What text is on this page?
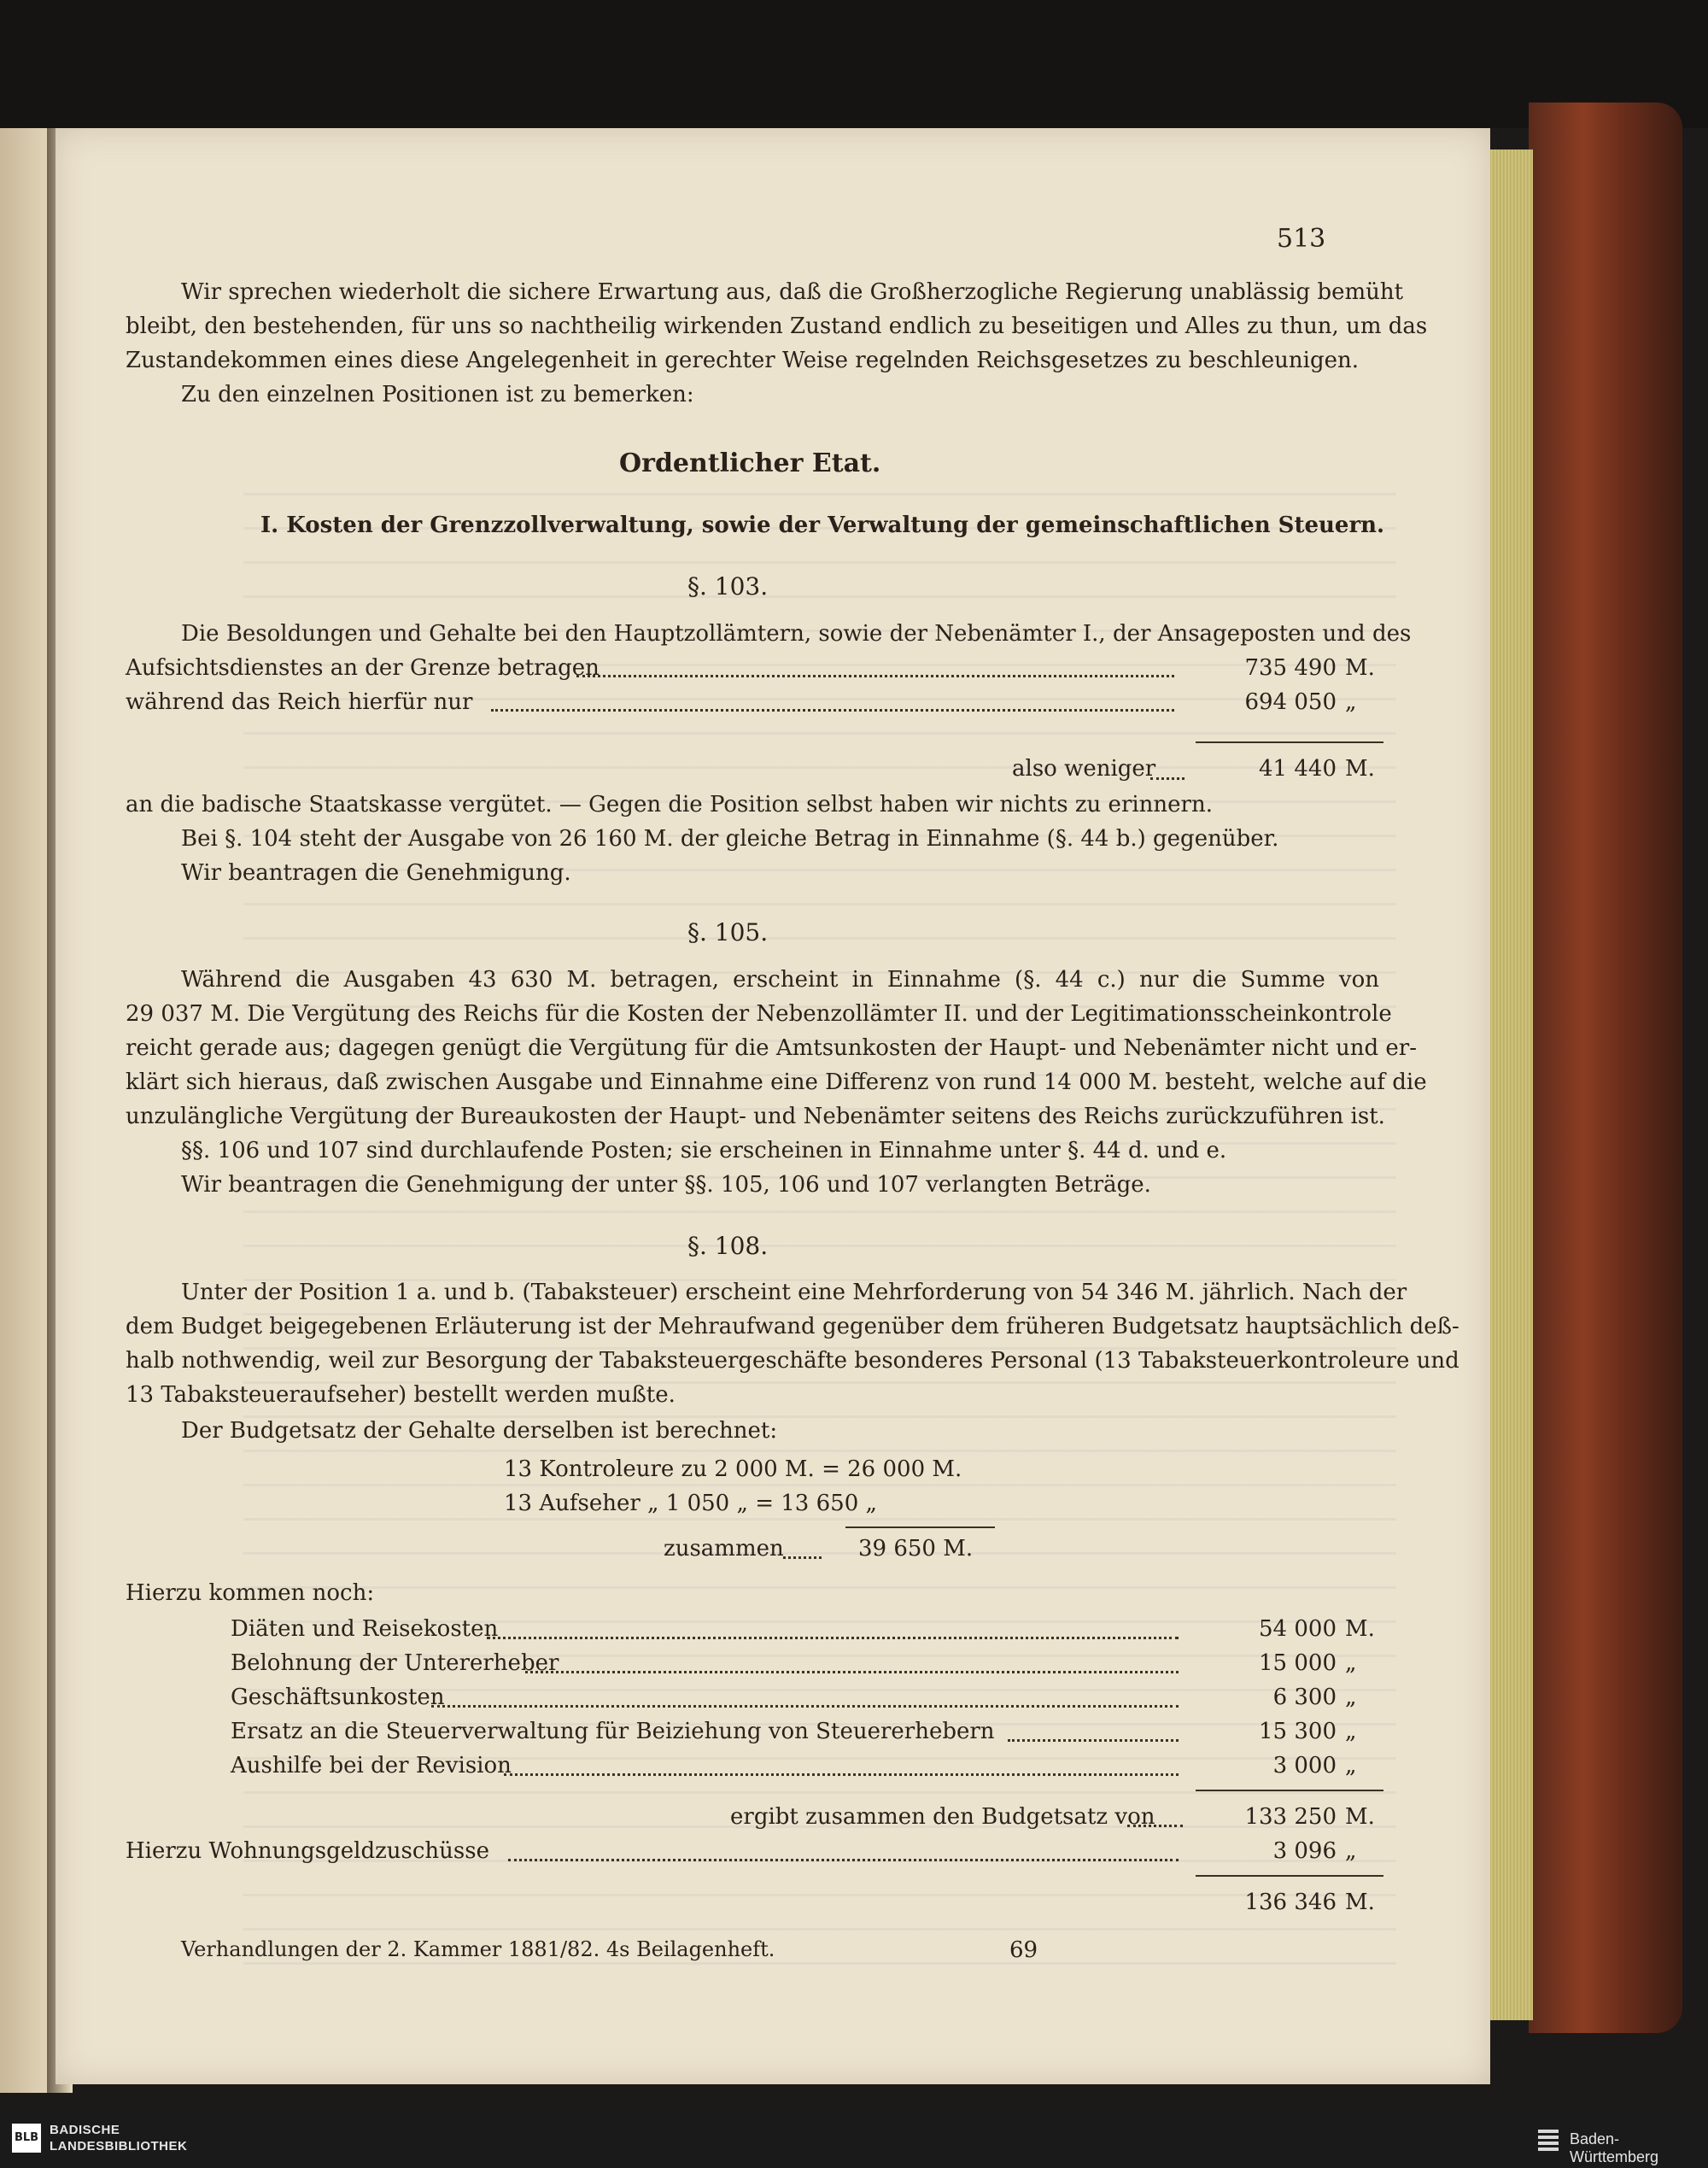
513
Wir sprechen wiederholt die sichere Erwartung aus, daß die Großherzogliche Regierung unablässig bemüht
bleibt, den bestehenden, für uns so nachtheilig wirkenden Zustand endlich zu beseitigen und Alles zu thun, um das
Zustandekommen eines diese Angelegenheit in gerechter Weise regelnden Reichsgesetzes zu beschleunigen.
Zu den einzelnen Positionen ist zu bemerken:
Ordentlicher Etat.
I. Kosten der Grenzzollverwaltung, sowie der Verwaltung der gemeinschaftlichen Steuern.
§. 103.
Die Besoldungen und Gehalte bei den Hauptzollämtern, sowie der Nebenämter I., der Ansageposten und des
Aufsichtsdienstes an der Grenze betragen	735 490 M.
während das Reich hierfür nur	694 050 „
also weniger	41 440 M.
an die badische Staatskasse vergütet. — Gegen die Position selbst haben wir nichts zu erinnern.
Bei §. 104 steht der Ausgabe von 26 160 M. der gleiche Betrag in Einnahme (§. 44 b.) gegenüber.
Wir beantragen die Genehmigung.
§. 105.
Während die Ausgaben 43 630 M. betragen, erscheint in Einnahme (§. 44 c.) nur die Summe von
29 037 M. Die Vergütung des Reichs für die Kosten der Nebenzollämter II. und der Legitimationsscheinkontrole
reicht gerade aus; dagegen genügt die Vergütung für die Amtsunkosten der Haupt- und Nebenämter nicht und er-
klärt sich hieraus, daß zwischen Ausgabe und Einnahme eine Differenz von rund 14 000 M. besteht, welche auf die
unzulängliche Vergütung der Bureaukosten der Haupt- und Nebenämter seitens des Reichs zurückzuführen ist.
§§. 106 und 107 sind durchlaufende Posten; sie erscheinen in Einnahme unter §. 44 d. und e.
Wir beantragen die Genehmigung der unter §§. 105, 106 und 107 verlangten Beträge.
§. 108.
Unter der Position 1 a. und b. (Tabaksteuer) erscheint eine Mehrforderung von 54 346 M. jährlich. Nach der
dem Budget beigegebenen Erläuterung ist der Mehraufwand gegenüber dem früheren Budgetsatz hauptsächlich deß-
halb nothwendig, weil zur Besorgung der Tabaksteuergeschäfte besonderes Personal (13 Tabaksteuerkontroleure und
13 Tabaksteueraufseher) bestellt werden mußte.
Der Budgetsatz der Gehalte derselben ist berechnet:
13 Kontroleure zu 2 000 M. = 26 000 M.
13 Aufseher „ 1 050 „ = 13 650 „
zusammen	39 650 M.
Hierzu kommen noch:
Diäten und Reisekosten	54 000 M.
Belohnung der Untererheber	15 000 „
Geschäftsunkosten	6 300 „
Ersatz an die Steuerverwaltung für Beiziehung von Steuererhebern	15 300 „
Aushilfe bei der Revision	3 000 „
ergibt zusammen den Budgetsatz von	133 250 M.
Hierzu Wohnungsgeldzuschüsse	3 096 „
136 346 M.
Verhandlungen der 2. Kammer 1881/82. 4s Beilagenheft.	69
BLB
BADISCHE
LANDESBIBLIOTHEK	Baden-Württemberg
